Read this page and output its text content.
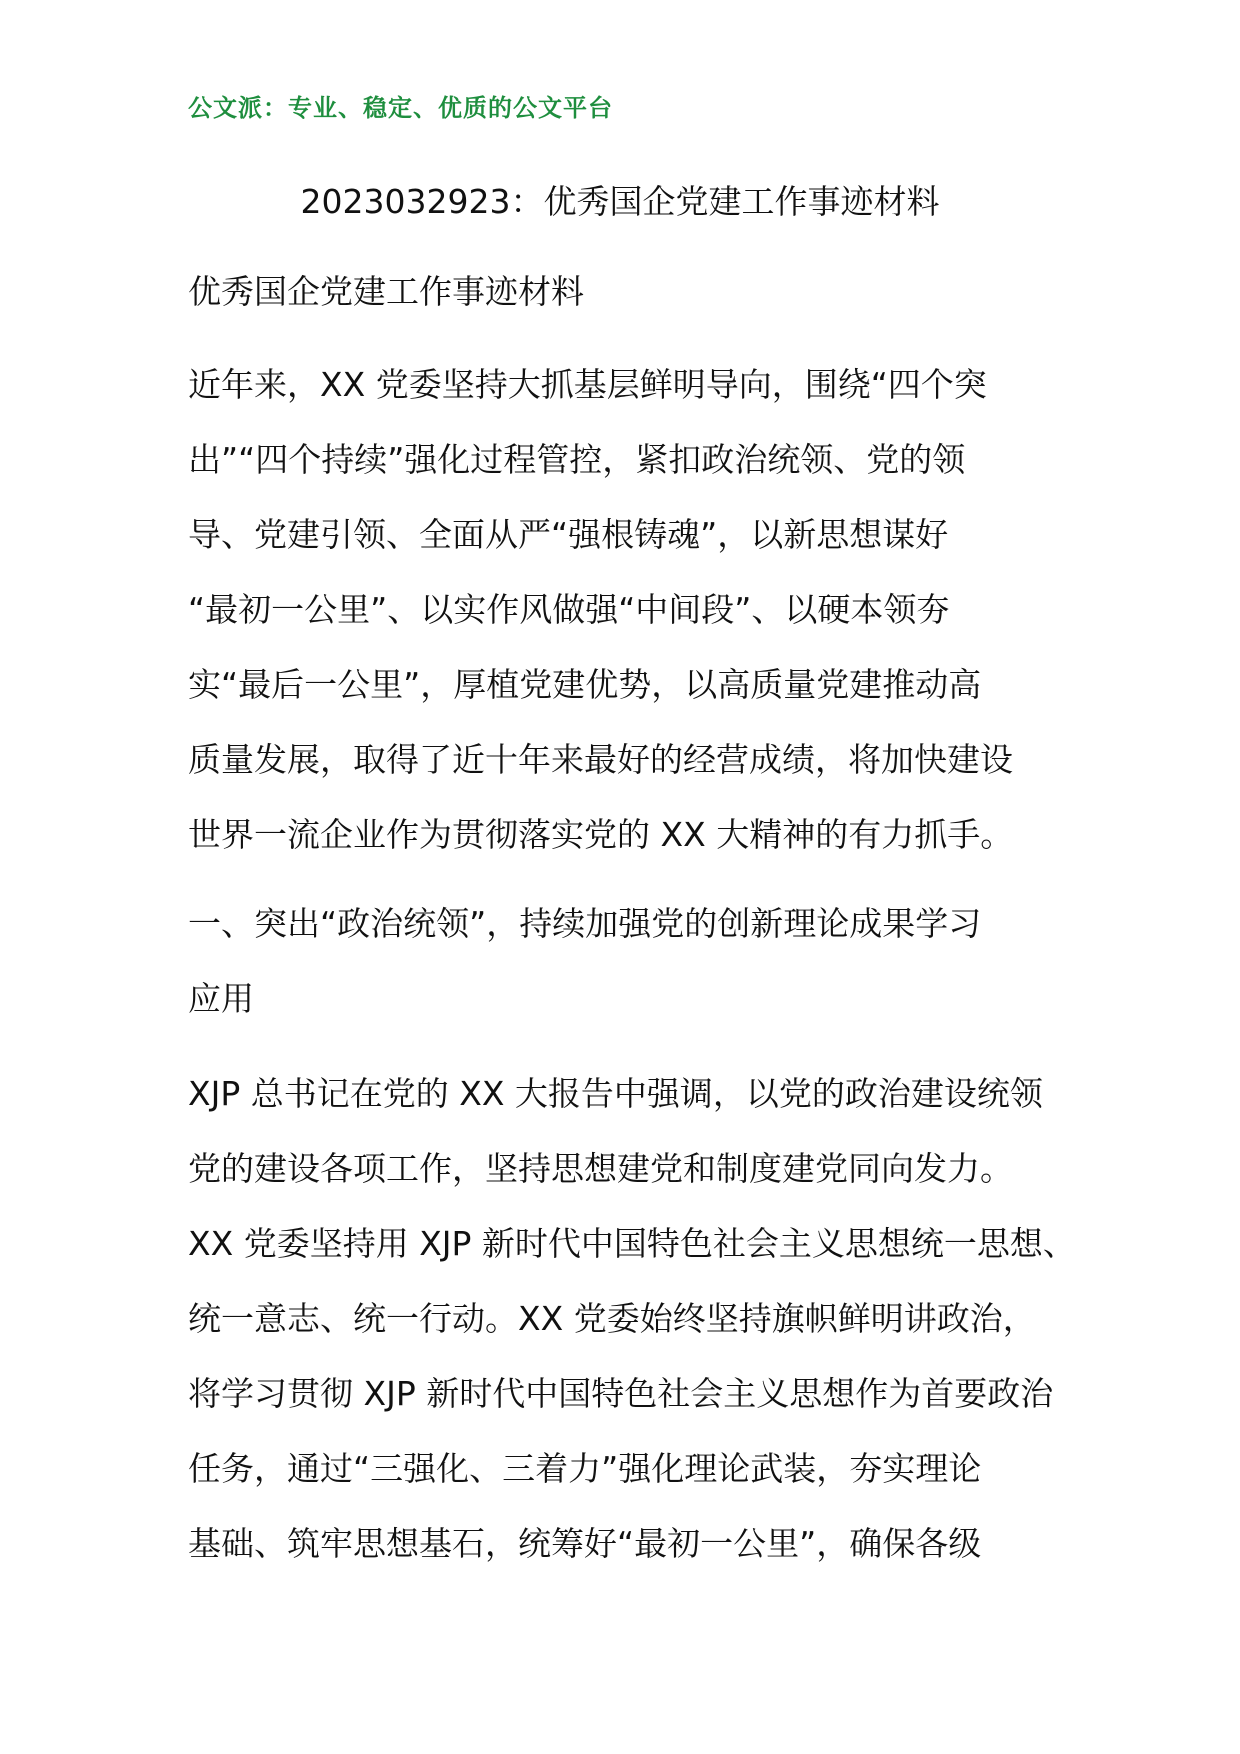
公文派：专业、稳定、优质的公文平台
2023032923：优秀国企党建工作事迹材料
优秀国企党建工作事迹材料
近年来，XX 党委坚持大抓基层鲜明导向，围绕“四个突
出”“四个持续”强化过程管控，紧扣政治统领、党的领
导、党建引领、全面从严“强根铸魂”，以新思想谋好
“最初一公里”、以实作风做强“中间段”、以硬本领夯
实“最后一公里”，厚植党建优势，以高质量党建推动高
质量发展，取得了近十年来最好的经营成绩，将加快建设
世界一流企业作为贯彻落实党的 XX 大精神的有力抓手。
一、突出“政治统领”，持续加强党的创新理论成果学习
应用
XJP 总书记在党的 XX 大报告中强调，以党的政治建设统领
党的建设各项工作，坚持思想建党和制度建党同向发力。
XX 党委坚持用 XJP 新时代中国特色社会主义思想统一思想、
统一意志、统一行动。XX 党委始终坚持旗帜鲜明讲政治，
将学习贯彻 XJP 新时代中国特色社会主义思想作为首要政治
任务，通过“三强化、三着力”强化理论武装，夯实理论
基础、筑牢思想基石，统筹好“最初一公里”，确保各级
